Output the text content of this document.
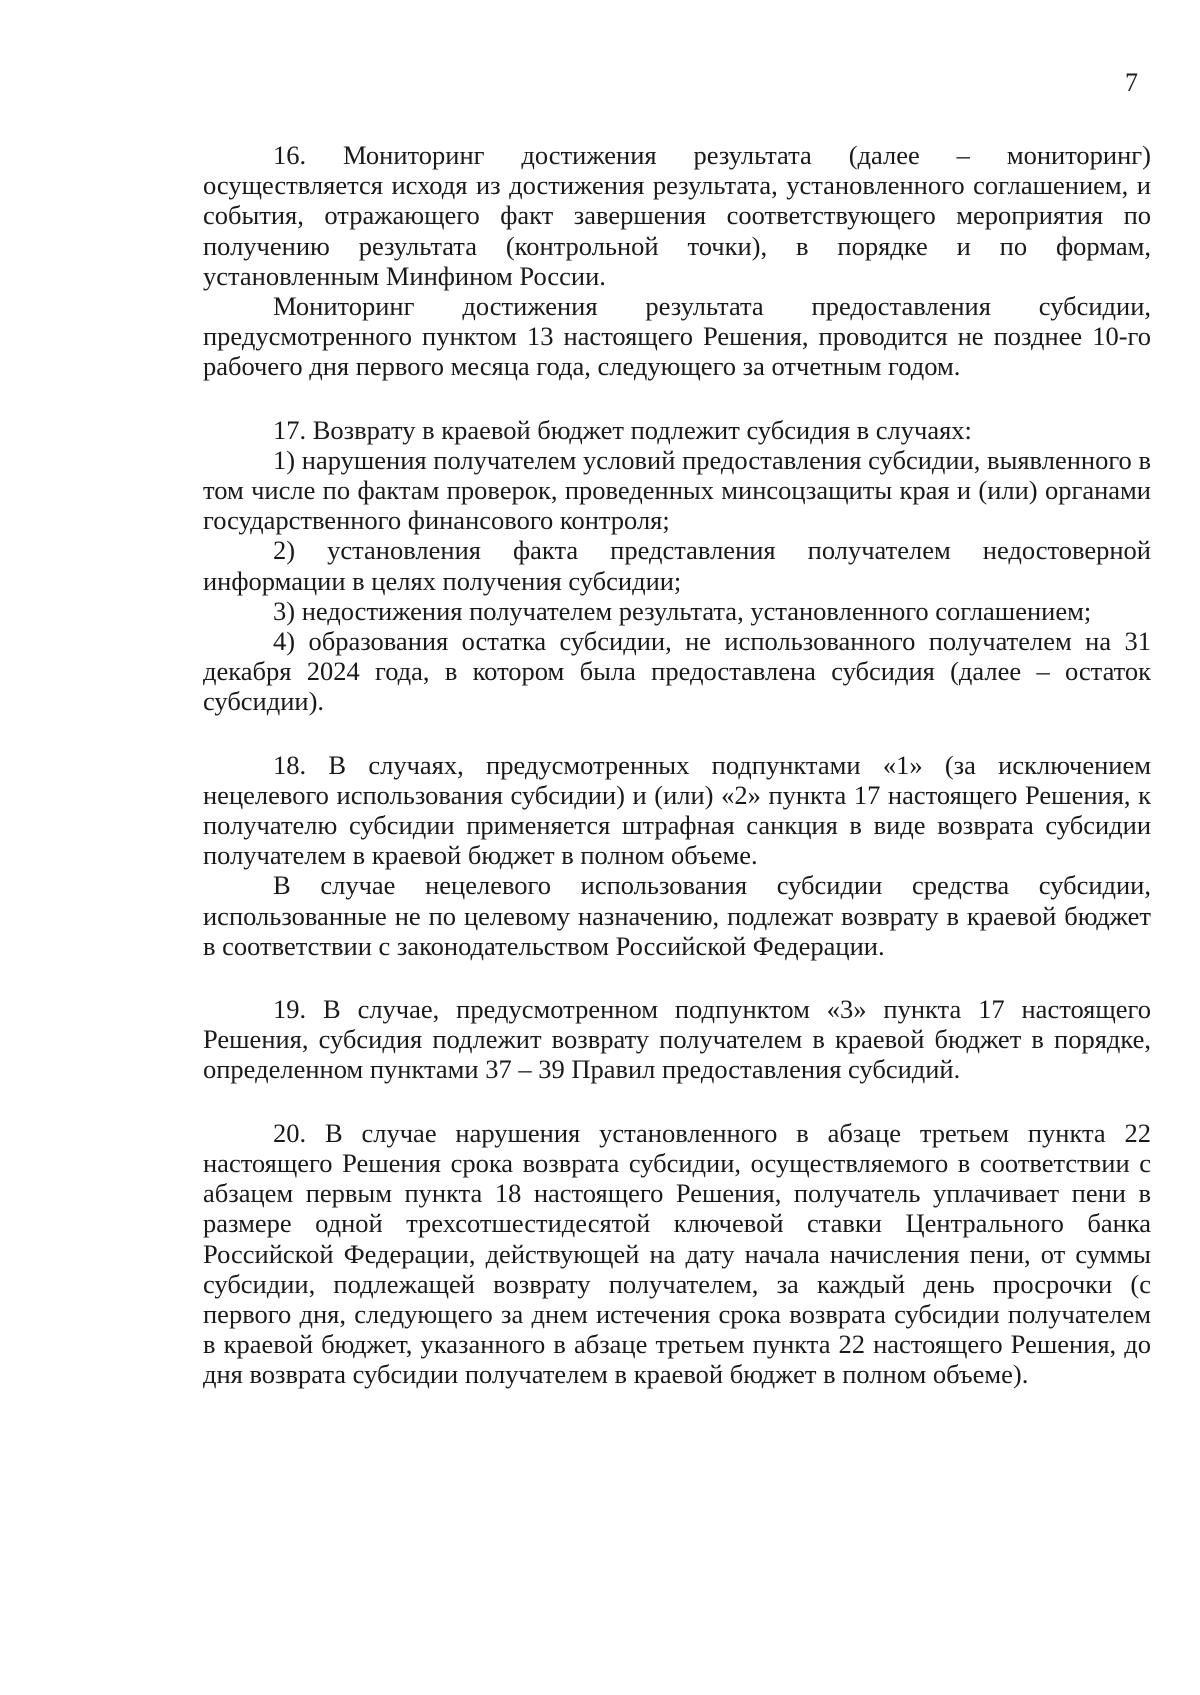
7

16. Мониторинг достижения результата (далее – мониторинг) осуществляется исходя из достижения результата, установленного соглашением, и события, отражающего факт завершения соответствующего мероприятия по получению результата (контрольной точки), в порядке и по формам, установленным Минфином России.

Мониторинг достижения результата предоставления субсидии, предусмотренного пунктом 13 настоящего Решения, проводится не позднее 10-го рабочего дня первого месяца года, следующего за отчетным годом.

17. Возврату в краевой бюджет подлежит субсидия в случаях:

1) нарушения получателем условий предоставления субсидии, выявленного в том числе по фактам проверок, проведенных минсоцзащиты края и (или) органами государственного финансового контроля;

2) установления факта представления получателем недостоверной информации в целях получения субсидии;

3) недостижения получателем результата, установленного соглашением;

4) образования остатка субсидии, не использованного получателем на 31 декабря 2024 года, в котором была предоставлена субсидия (далее – остаток субсидии).

18. В случаях, предусмотренных подпунктами «1» (за исключением нецелевого использования субсидии) и (или) «2» пункта 17 настоящего Решения, к получателю субсидии применяется штрафная санкция в виде возврата субсидии получателем в краевой бюджет в полном объеме.

В случае нецелевого использования субсидии средства субсидии, использованные не по целевому назначению, подлежат возврату в краевой бюджет в соответствии с законодательством Российской Федерации.

19. В случае, предусмотренном подпунктом «3» пункта 17 настоящего Решения, субсидия подлежит возврату получателем в краевой бюджет в порядке, определенном пунктами 37 – 39 Правил предоставления субсидий.

20. В случае нарушения установленного в абзаце третьем пункта 22 настоящего Решения срока возврата субсидии, осуществляемого в соответствии с абзацем первым пункта 18 настоящего Решения, получатель уплачивает пени в размере одной трехсотшестидесятой ключевой ставки Центрального банка Российской Федерации, действующей на дату начала начисления пени, от суммы субсидии, подлежащей возврату получателем, за каждый день просрочки (с первого дня, следующего за днем истечения срока возврата субсидии получателем в краевой бюджет, указанного в абзаце третьем пункта 22 настоящего Решения, до дня возврата субсидии получателем в краевой бюджет в полном объеме).
